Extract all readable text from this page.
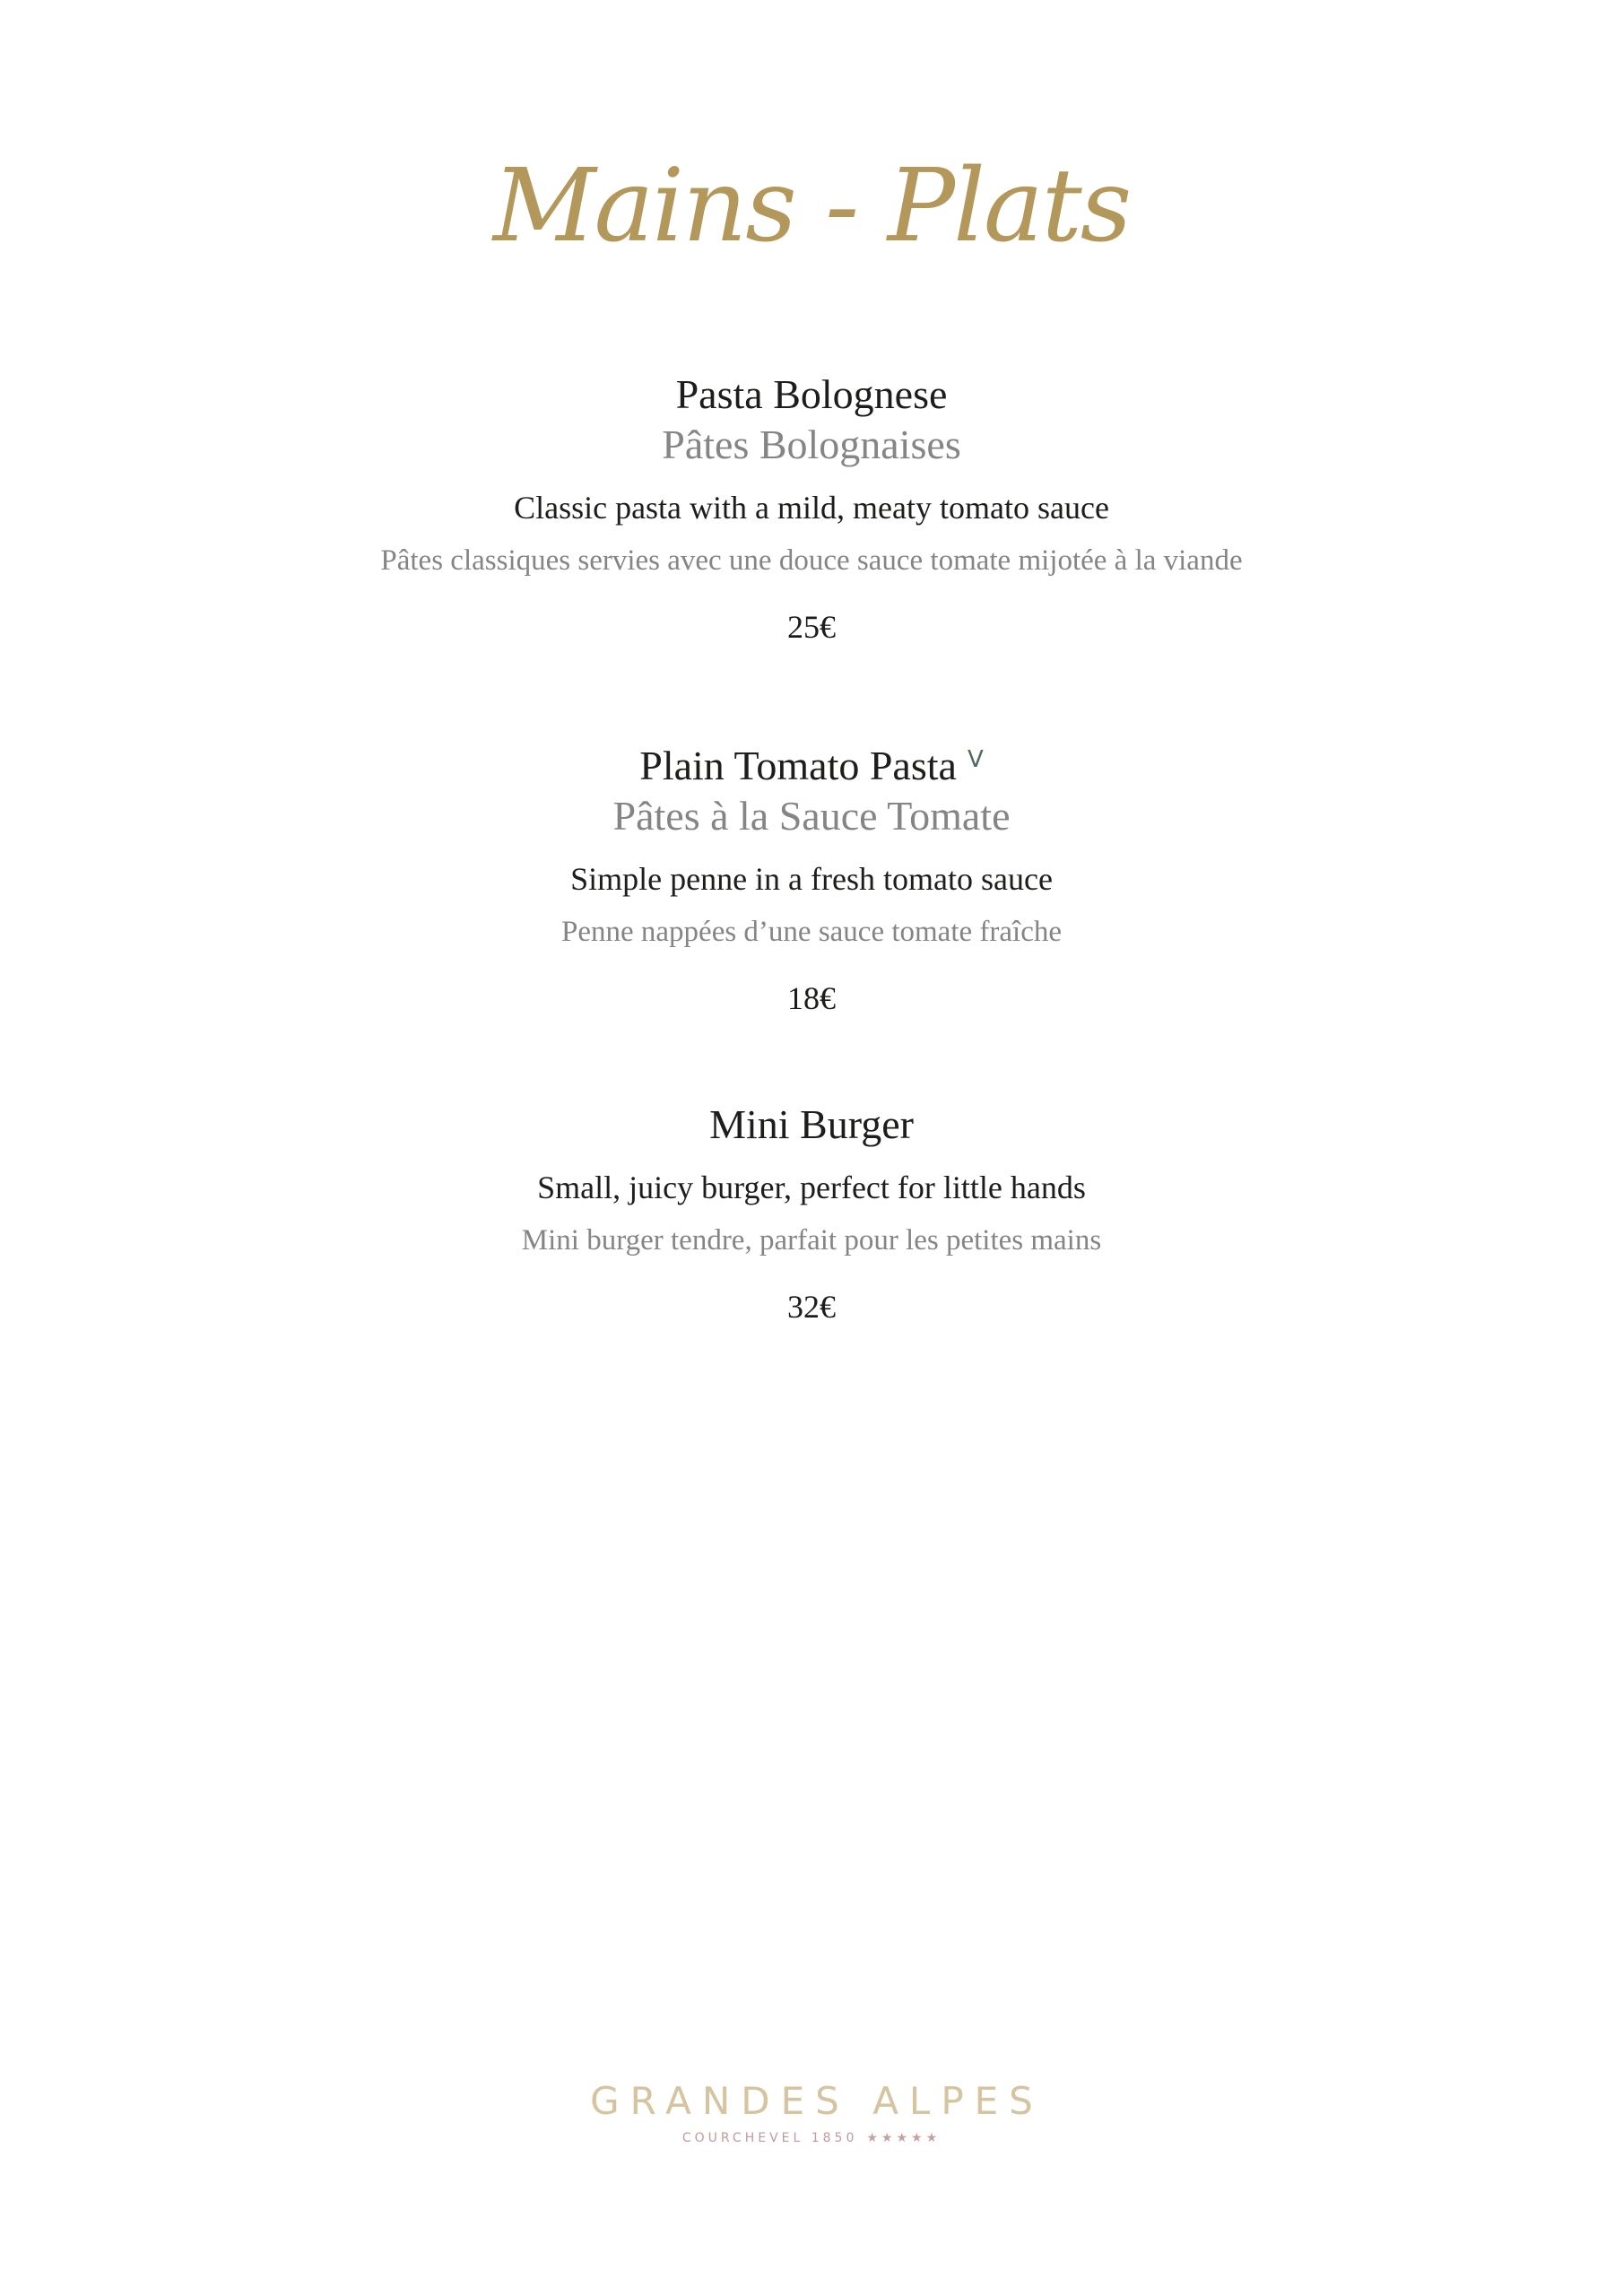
Mains - Plats
Pasta Bolognese
Pâtes Bolognaises
Classic pasta with a mild, meaty tomato sauce
Pâtes classiques servies avec une douce sauce tomate mijotée à la viande
25€
Plain Tomato Pasta $^V$
Pâtes à la Sauce Tomate
Simple penne in a fresh tomato sauce
Penne nappées d’une sauce tomate fraîche
18€
Mini Burger
Small, juicy burger, perfect for little hands
Mini burger tendre, parfait pour les petites mains
32€
GRANDES ALPES
COURCHEVEL 1850 ★★★★★
